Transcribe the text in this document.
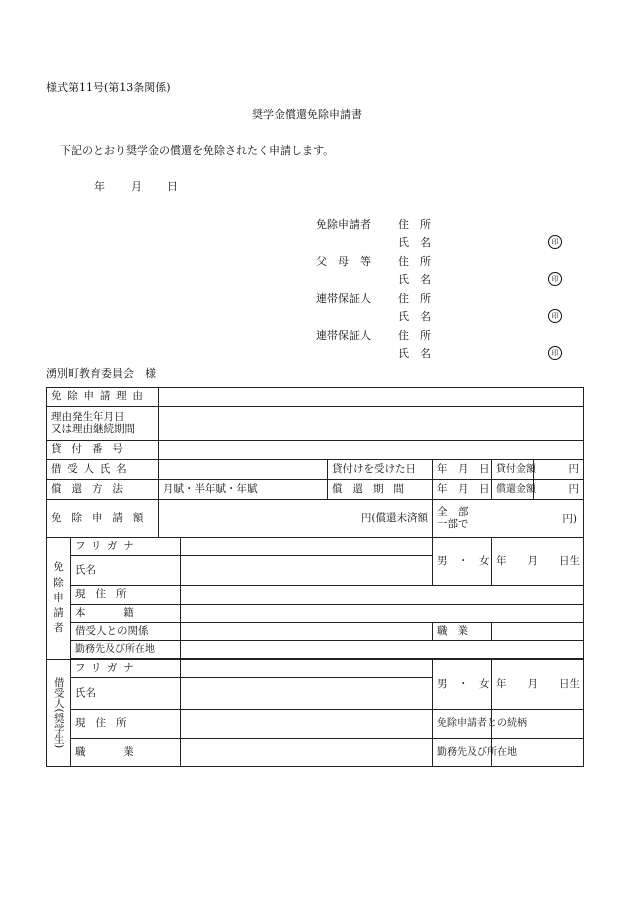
様式第11号(第13条関係)
奨学金償還免除申請書
下記のとおり奨学金の償還を免除されたく申請します。
年 月 日
免除申請者 住　所
氏　名	印
父　母　等 住　所
氏　名	印
連帯保証人 住　所
氏　名	印
連帯保証人 住　所
氏　名	印
湧別町教育委員会　様
免除申請理由							

理由発生年月日
又は理由継続期間							

貸付番号							
借受人氏名				貸付けを受けた日	年　月　日	貸付金額	円
償還方法		月賦・半年賦・年賦		償還期間	年　月　日	償還金額	円
免除申請額		円(償還未済額			全　部
一部で 円)		

免
除
申
請
者	フリガナ				男　・　女	年　　月　　日生	

	氏名						

	現住所						
	本籍						
	借受人との関係				職業		
	勤務先及び所在地						

借受人(奨学生)	フリガナ				男　・　女	年　　月　　日生	
	氏名						
	現住所				免除申請者との続柄		
	職業				勤務先及び所在地		
